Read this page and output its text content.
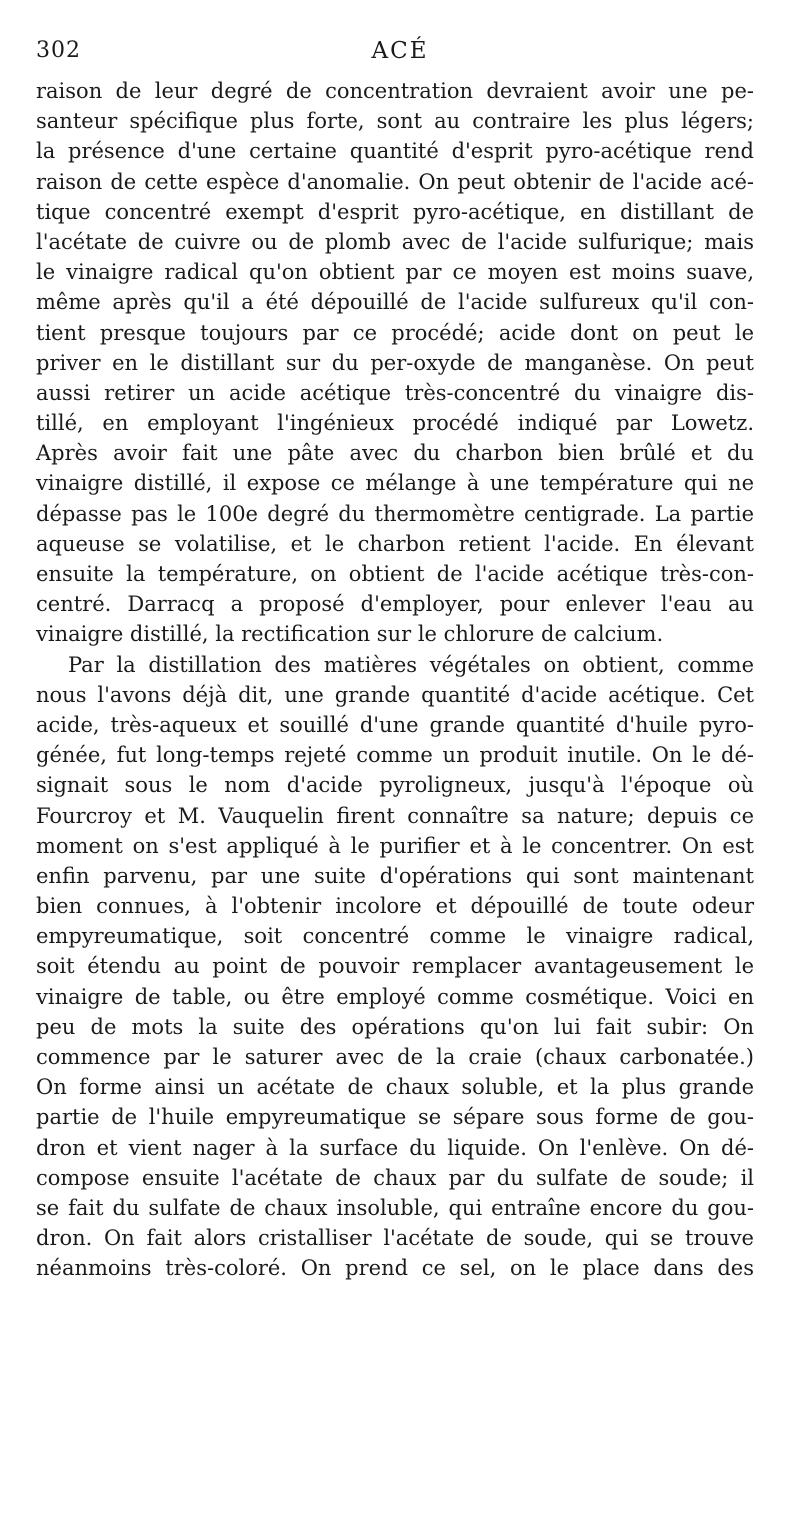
302	ACÉ
raison de leur degré de concentration devraient avoir une pe-
santeur spécifique plus forte, sont au contraire les plus légers;
la présence d'une certaine quantité d'esprit pyro-acétique rend
raison de cette espèce d'anomalie. On peut obtenir de l'acide acé-
tique concentré exempt d'esprit pyro-acétique, en distillant de
l'acétate de cuivre ou de plomb avec de l'acide sulfurique; mais
le vinaigre radical qu'on obtient par ce moyen est moins suave,
même après qu'il a été dépouillé de l'acide sulfureux qu'il con-
tient presque toujours par ce procédé; acide dont on peut le
priver en le distillant sur du per-oxyde de manganèse. On peut
aussi retirer un acide acétique très-concentré du vinaigre dis-
tillé, en employant l'ingénieux procédé indiqué par Lowetz.
Après avoir fait une pâte avec du charbon bien brûlé et du
vinaigre distillé, il expose ce mélange à une température qui ne
dépasse pas le 100e degré du thermomètre centigrade. La partie
aqueuse se volatilise, et le charbon retient l'acide. En élevant
ensuite la température, on obtient de l'acide acétique très-con-
centré. Darracq a proposé d'employer, pour enlever l'eau au
vinaigre distillé, la rectification sur le chlorure de calcium.
Par la distillation des matières végétales on obtient, comme
nous l'avons déjà dit, une grande quantité d'acide acétique. Cet
acide, très-aqueux et souillé d'une grande quantité d'huile pyro-
génée, fut long-temps rejeté comme un produit inutile. On le dé-
signait sous le nom d'acide pyroligneux, jusqu'à l'époque où
Fourcroy et M. Vauquelin firent connaître sa nature; depuis ce
moment on s'est appliqué à le purifier et à le concentrer. On est
enfin parvenu, par une suite d'opérations qui sont maintenant
bien connues, à l'obtenir incolore et dépouillé de toute odeur
empyreumatique, soit concentré comme le vinaigre radical,
soit étendu au point de pouvoir remplacer avantageusement le
vinaigre de table, ou être employé comme cosmétique. Voici en
peu de mots la suite des opérations qu'on lui fait subir: On
commence par le saturer avec de la craie (chaux carbonatée.)
On forme ainsi un acétate de chaux soluble, et la plus grande
partie de l'huile empyreumatique se sépare sous forme de gou-
dron et vient nager à la surface du liquide. On l'enlève. On dé-
compose ensuite l'acétate de chaux par du sulfate de soude; il
se fait du sulfate de chaux insoluble, qui entraîne encore du gou-
dron. On fait alors cristalliser l'acétate de soude, qui se trouve
néanmoins très-coloré. On prend ce sel, on le place dans des
